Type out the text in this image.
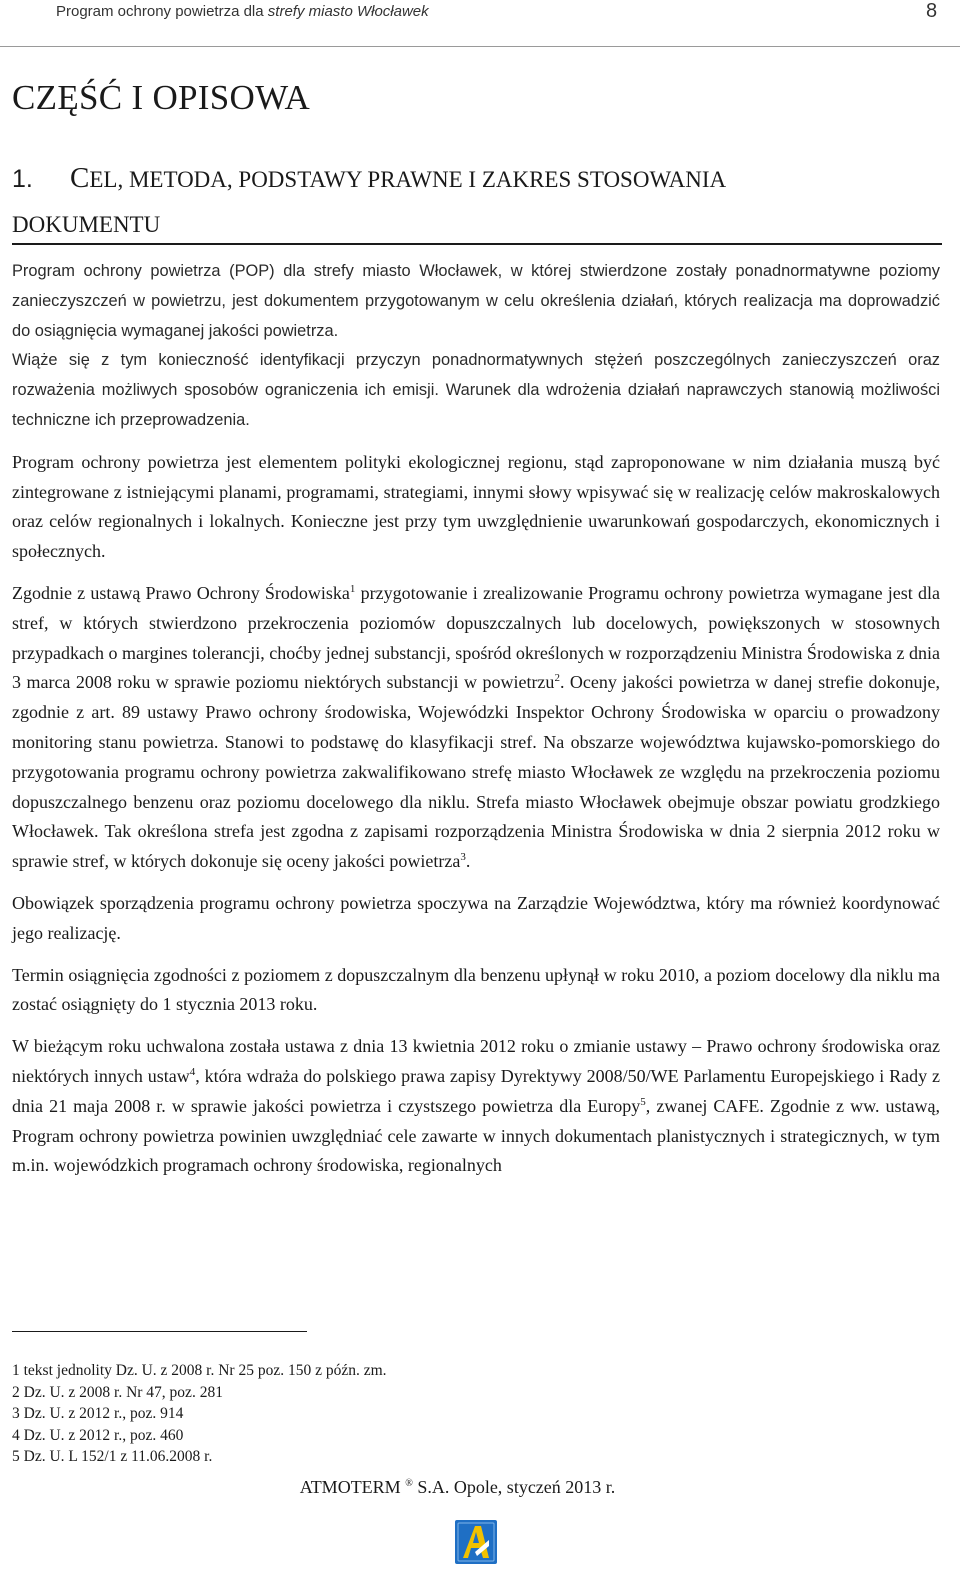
Program ochrony powietrza dla strefy miasto Włocławek	8
CZĘŚĆ I OPISOWA
1. CEL, METODA, PODSTAWY PRAWNE I ZAKRES STOSOWANIA
DOKUMENTU

Program ochrony powietrza (POP) dla strefy miasto Włocławek, w której stwierdzone zostały ponadnormatywne poziomy zanieczyszczeń w powietrzu, jest dokumentem przygotowanym w celu określenia działań, których realizacja ma doprowadzić do osiągnięcia wymaganej jakości powietrza.

Wiąże się z tym konieczność identyfikacji przyczyn ponadnormatywnych stężeń poszczególnych zanieczyszczeń oraz rozważenia możliwych sposobów ograniczenia ich emisji. Warunek dla wdrożenia działań naprawczych stanowią możliwości techniczne ich przeprowadzenia.

Program ochrony powietrza jest elementem polityki ekologicznej regionu, stąd zaproponowane w nim działania muszą być zintegrowane z istniejącymi planami, programami, strategiami, innymi słowy wpisywać się w realizację celów makroskalowych oraz celów regionalnych i lokalnych. Konieczne jest przy tym uwzględnienie uwarunkowań gospodarczych, ekonomicznych i społecznych.

Zgodnie z ustawą Prawo Ochrony Środowiska$^1$ przygotowanie i zrealizowanie Programu ochrony powietrza wymagane jest dla stref, w których stwierdzono przekroczenia poziomów dopuszczalnych lub docelowych, powiększonych w stosownych przypadkach o margines tolerancji, choćby jednej substancji, spośród określonych w rozporządzeniu Ministra Środowiska z dnia 3 marca 2008 roku w sprawie poziomu niektórych substancji w powietrzu$^2$. Oceny jakości powietrza w danej strefie dokonuje, zgodnie z art. 89 ustawy Prawo ochrony środowiska, Wojewódzki Inspektor Ochrony Środowiska w oparciu o prowadzony monitoring stanu powietrza. Stanowi to podstawę do klasyfikacji stref. Na obszarze województwa kujawsko-pomorskiego do przygotowania programu ochrony powietrza zakwalifikowano strefę miasto Włocławek ze względu na przekroczenia poziomu dopuszczalnego benzenu oraz poziomu docelowego dla niklu. Strefa miasto Włocławek obejmuje obszar powiatu grodzkiego Włocławek. Tak określona strefa jest zgodna z zapisami rozporządzenia Ministra Środowiska w dnia 2 sierpnia 2012 roku w sprawie stref, w których dokonuje się oceny jakości powietrza$^3$.

Obowiązek sporządzenia programu ochrony powietrza spoczywa na Zarządzie Województwa, który ma również koordynować jego realizację.

Termin osiągnięcia zgodności z poziomem z dopuszczalnym dla benzenu upłynął w roku 2010, a poziom docelowy dla niklu ma zostać osiągnięty do 1 stycznia 2013 roku.

W bieżącym roku uchwalona została ustawa z dnia 13 kwietnia 2012 roku o zmianie ustawy – Prawo ochrony środowiska oraz niektórych innych ustaw$^4$, która wdraża do polskiego prawa zapisy Dyrektywy 2008/50/WE Parlamentu Europejskiego i Rady z dnia 21 maja 2008 r. w sprawie jakości powietrza i czystszego powietrza dla Europy$^5$, zwanej CAFE. Zgodnie z ww. ustawą, Program ochrony powietrza powinien uwzględniać cele zawarte w innych dokumentach planistycznych i strategicznych, w tym m.in. wojewódzkich programach ochrony środowiska, regionalnych

1 tekst jednolity Dz. U. z 2008 r. Nr 25 poz. 150 z późn. zm.
2 Dz. U. z 2008 r. Nr 47, poz. 281
3 Dz. U. z 2012 r., poz. 914
4 Dz. U. z 2012 r., poz. 460
5 Dz. U. L 152/1 z 11.06.2008 r.
ATMOTERM ® S.A. Opole, styczeń 2013 r.
